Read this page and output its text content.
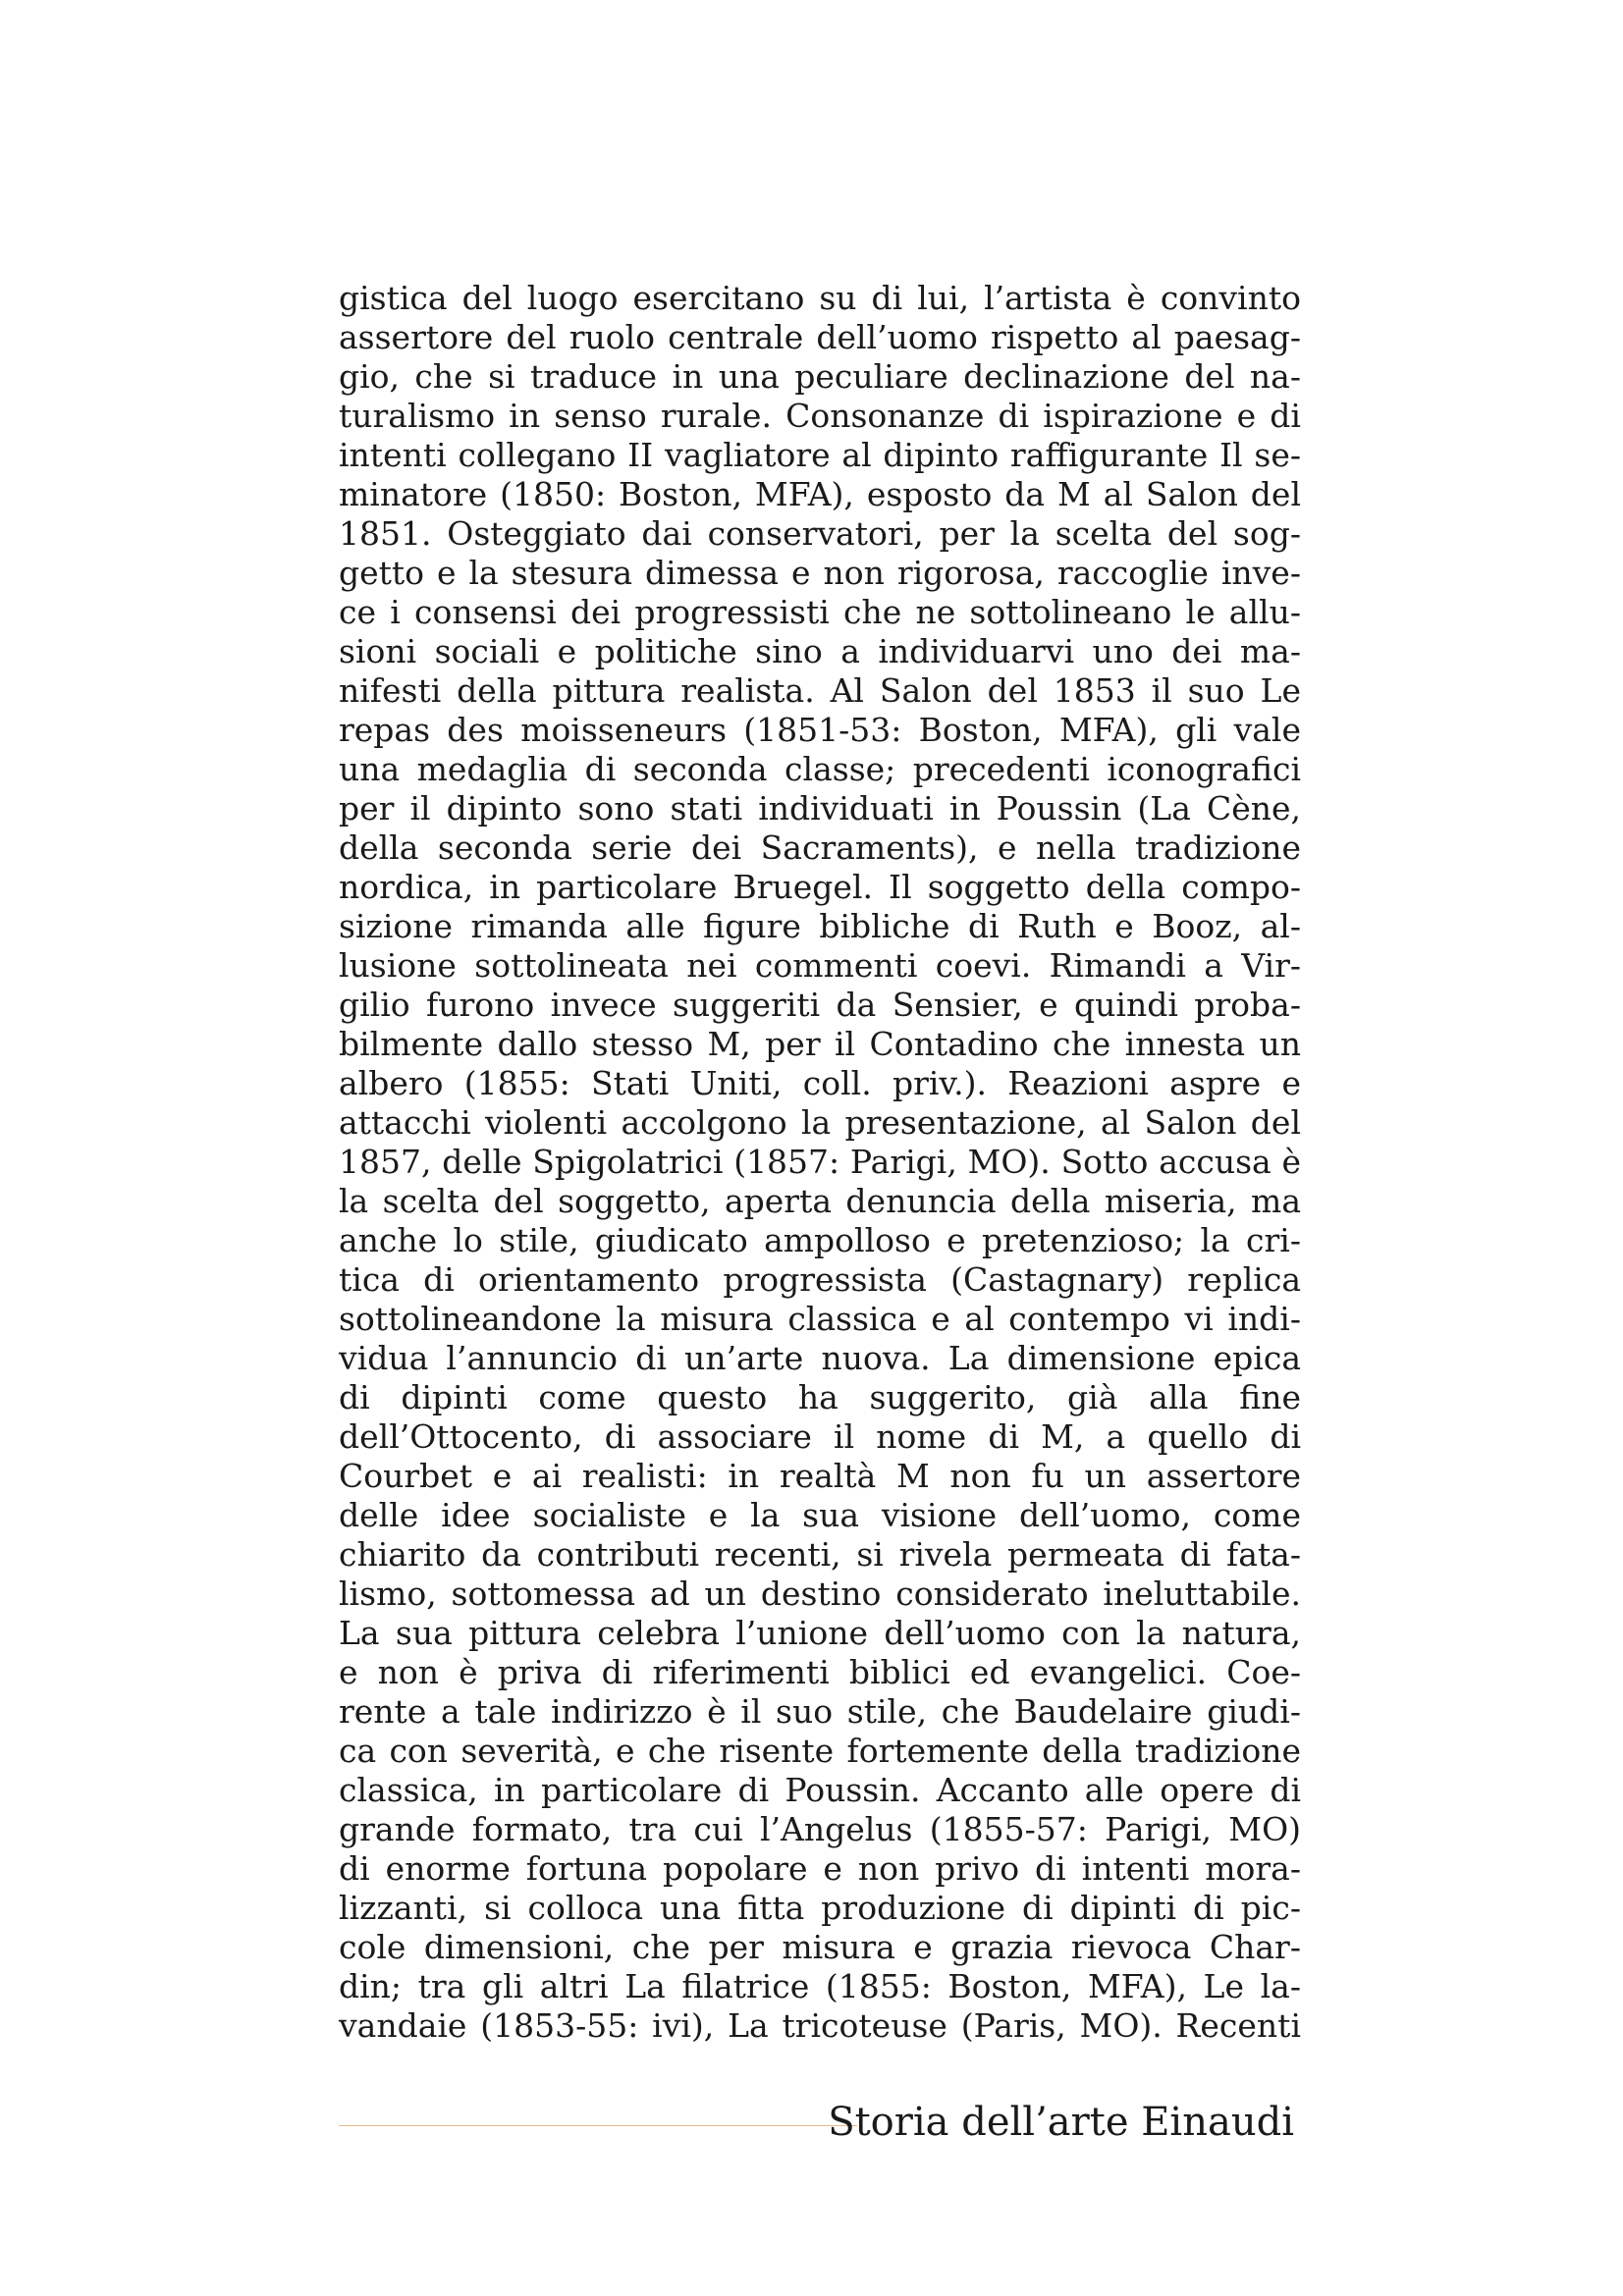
gistica del luogo esercitano su di lui, l’artista è convinto
assertore del ruolo centrale dell’uomo rispetto al paesag-
gio, che si traduce in una peculiare declinazione del na-
turalismo in senso rurale. Consonanze di ispirazione e di
intenti collegano II vagliatore al dipinto raffigurante Il se-
minatore (1850: Boston, MFA), esposto da M al Salon del
1851. Osteggiato dai conservatori, per la scelta del sog-
getto e la stesura dimessa e non rigorosa, raccoglie inve-
ce i consensi dei progressisti che ne sottolineano le allu-
sioni sociali e politiche sino a individuarvi uno dei ma-
nifesti della pittura realista. Al Salon del 1853 il suo Le
repas des moisseneurs (1851-53: Boston, MFA), gli vale
una medaglia di seconda classe; precedenti iconografici
per il dipinto sono stati individuati in Poussin (La Cène,
della seconda serie dei Sacraments), e nella tradizione
nordica, in particolare Bruegel. Il soggetto della compo-
sizione rimanda alle figure bibliche di Ruth e Booz, al-
lusione sottolineata nei commenti coevi. Rimandi a Vir-
gilio furono invece suggeriti da Sensier, e quindi proba-
bilmente dallo stesso M, per il Contadino che innesta un
albero (1855: Stati Uniti, coll. priv.). Reazioni aspre e
attacchi violenti accolgono la presentazione, al Salon del
1857, delle Spigolatrici (1857: Parigi, MO). Sotto accusa è
la scelta del soggetto, aperta denuncia della miseria, ma
anche lo stile, giudicato ampolloso e pretenzioso; la cri-
tica di orientamento progressista (Castagnary) replica
sottolineandone la misura classica e al contempo vi indi-
vidua l’annuncio di un’arte nuova. La dimensione epica
di dipinti come questo ha suggerito, già alla fine
dell’Ottocento, di associare il nome di M, a quello di
Courbet e ai realisti: in realtà M non fu un assertore
delle idee socialiste e la sua visione dell’uomo, come
chiarito da contributi recenti, si rivela permeata di fata-
lismo, sottomessa ad un destino considerato ineluttabile.
La sua pittura celebra l’unione dell’uomo con la natura,
e non è priva di riferimenti biblici ed evangelici. Coe-
rente a tale indirizzo è il suo stile, che Baudelaire giudi-
ca con severità, e che risente fortemente della tradizione
classica, in particolare di Poussin. Accanto alle opere di
grande formato, tra cui l’Angelus (1855-57: Parigi, MO)
di enorme fortuna popolare e non privo di intenti mora-
lizzanti, si colloca una fitta produzione di dipinti di pic-
cole dimensioni, che per misura e grazia rievoca Char-
din; tra gli altri La filatrice (1855: Boston, MFA), Le la-
vandaie (1853-55: ivi), La tricoteuse (Paris, MO). Recenti
Storia dell’arte Einaudi
